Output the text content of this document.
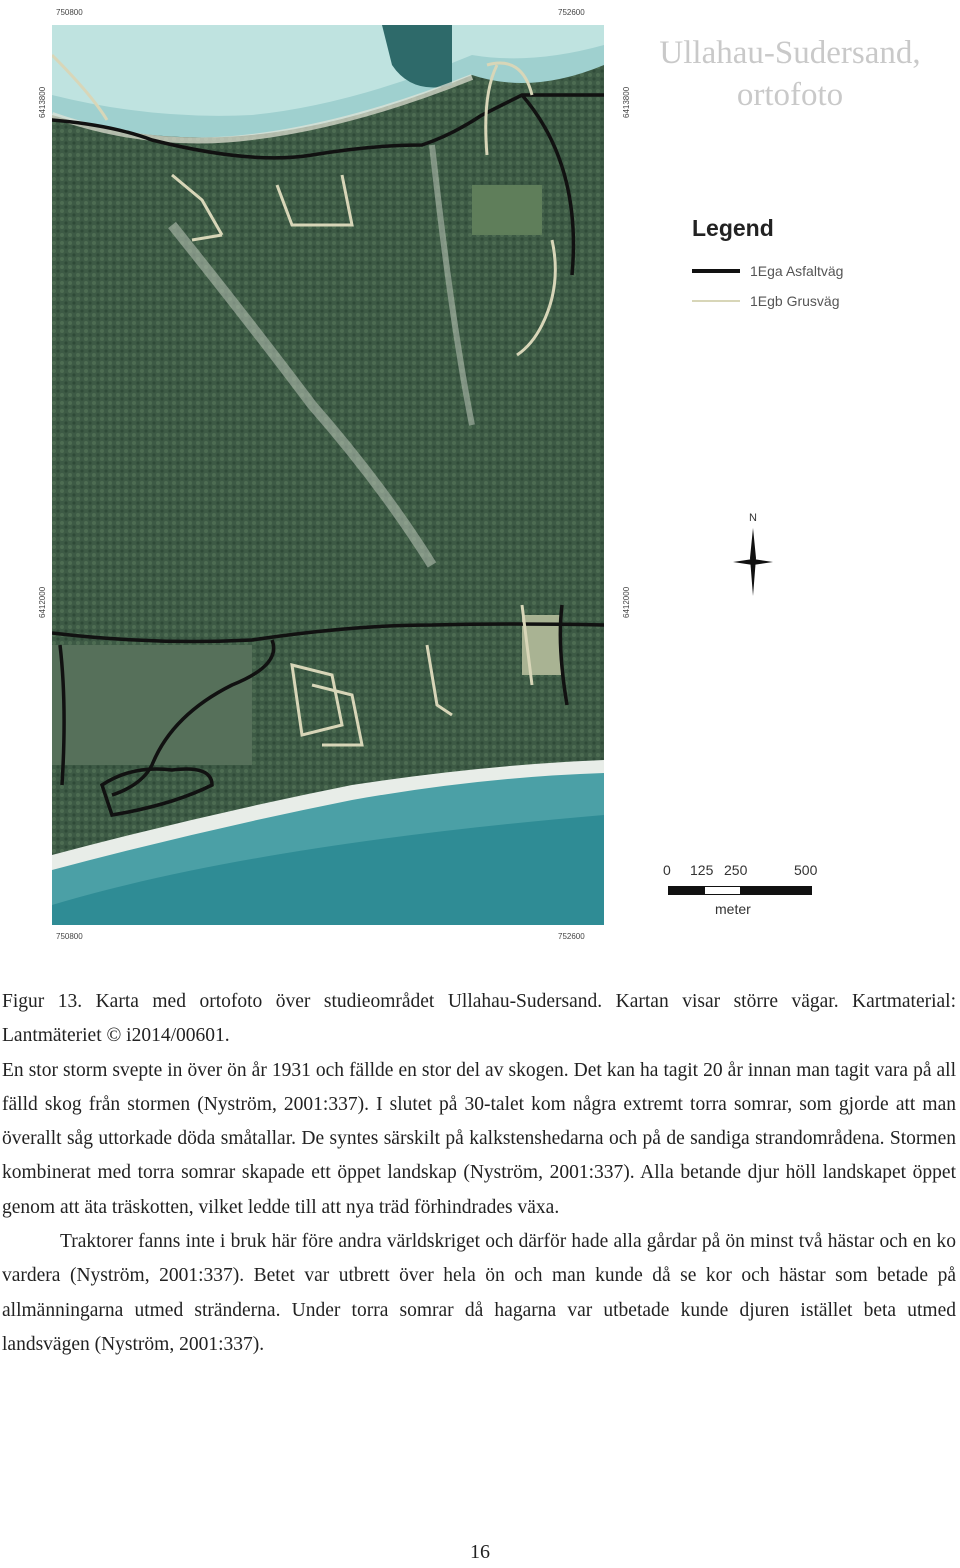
750800	752600
750800	752600
6413800	6413800
6412000	6412000
Ullahau-Sudersand,
ortofoto
Legend
1Ega Asfaltväg
1Egb Grusväg
N
0 125 250	500
meter

Figur 13. Karta med ortofoto över studieområdet Ullahau-Sudersand. Kartan visar större vägar. Kartmaterial: Lantmäteriet © i2014/00601.

En stor storm svepte in över ön år 1931 och fällde en stor del av skogen. Det kan ha tagit 20 år innan man tagit vara på all fälld skog från stormen (Nyström, 2001:337). I slutet på 30-talet kom några extremt torra somrar, som gjorde att man överallt såg uttorkade döda småtallar. De syntes särskilt på kalkstenshedarna och på de sandiga strandområdena. Stormen kombinerat med torra somrar skapade ett öppet landskap (Nyström, 2001:337). Alla betande djur höll landskapet öppet genom att äta träskotten, vilket ledde till att nya träd förhindrades växa.

Traktorer fanns inte i bruk här före andra världskriget och därför hade alla gårdar på ön minst två hästar och en ko vardera (Nyström, 2001:337). Betet var utbrett över hela ön och man kunde då se kor och hästar som betade på allmänningarna utmed stränderna. Under torra somrar då hagarna var utbetade kunde djuren istället beta utmed landsvägen (Nyström, 2001:337).

16
